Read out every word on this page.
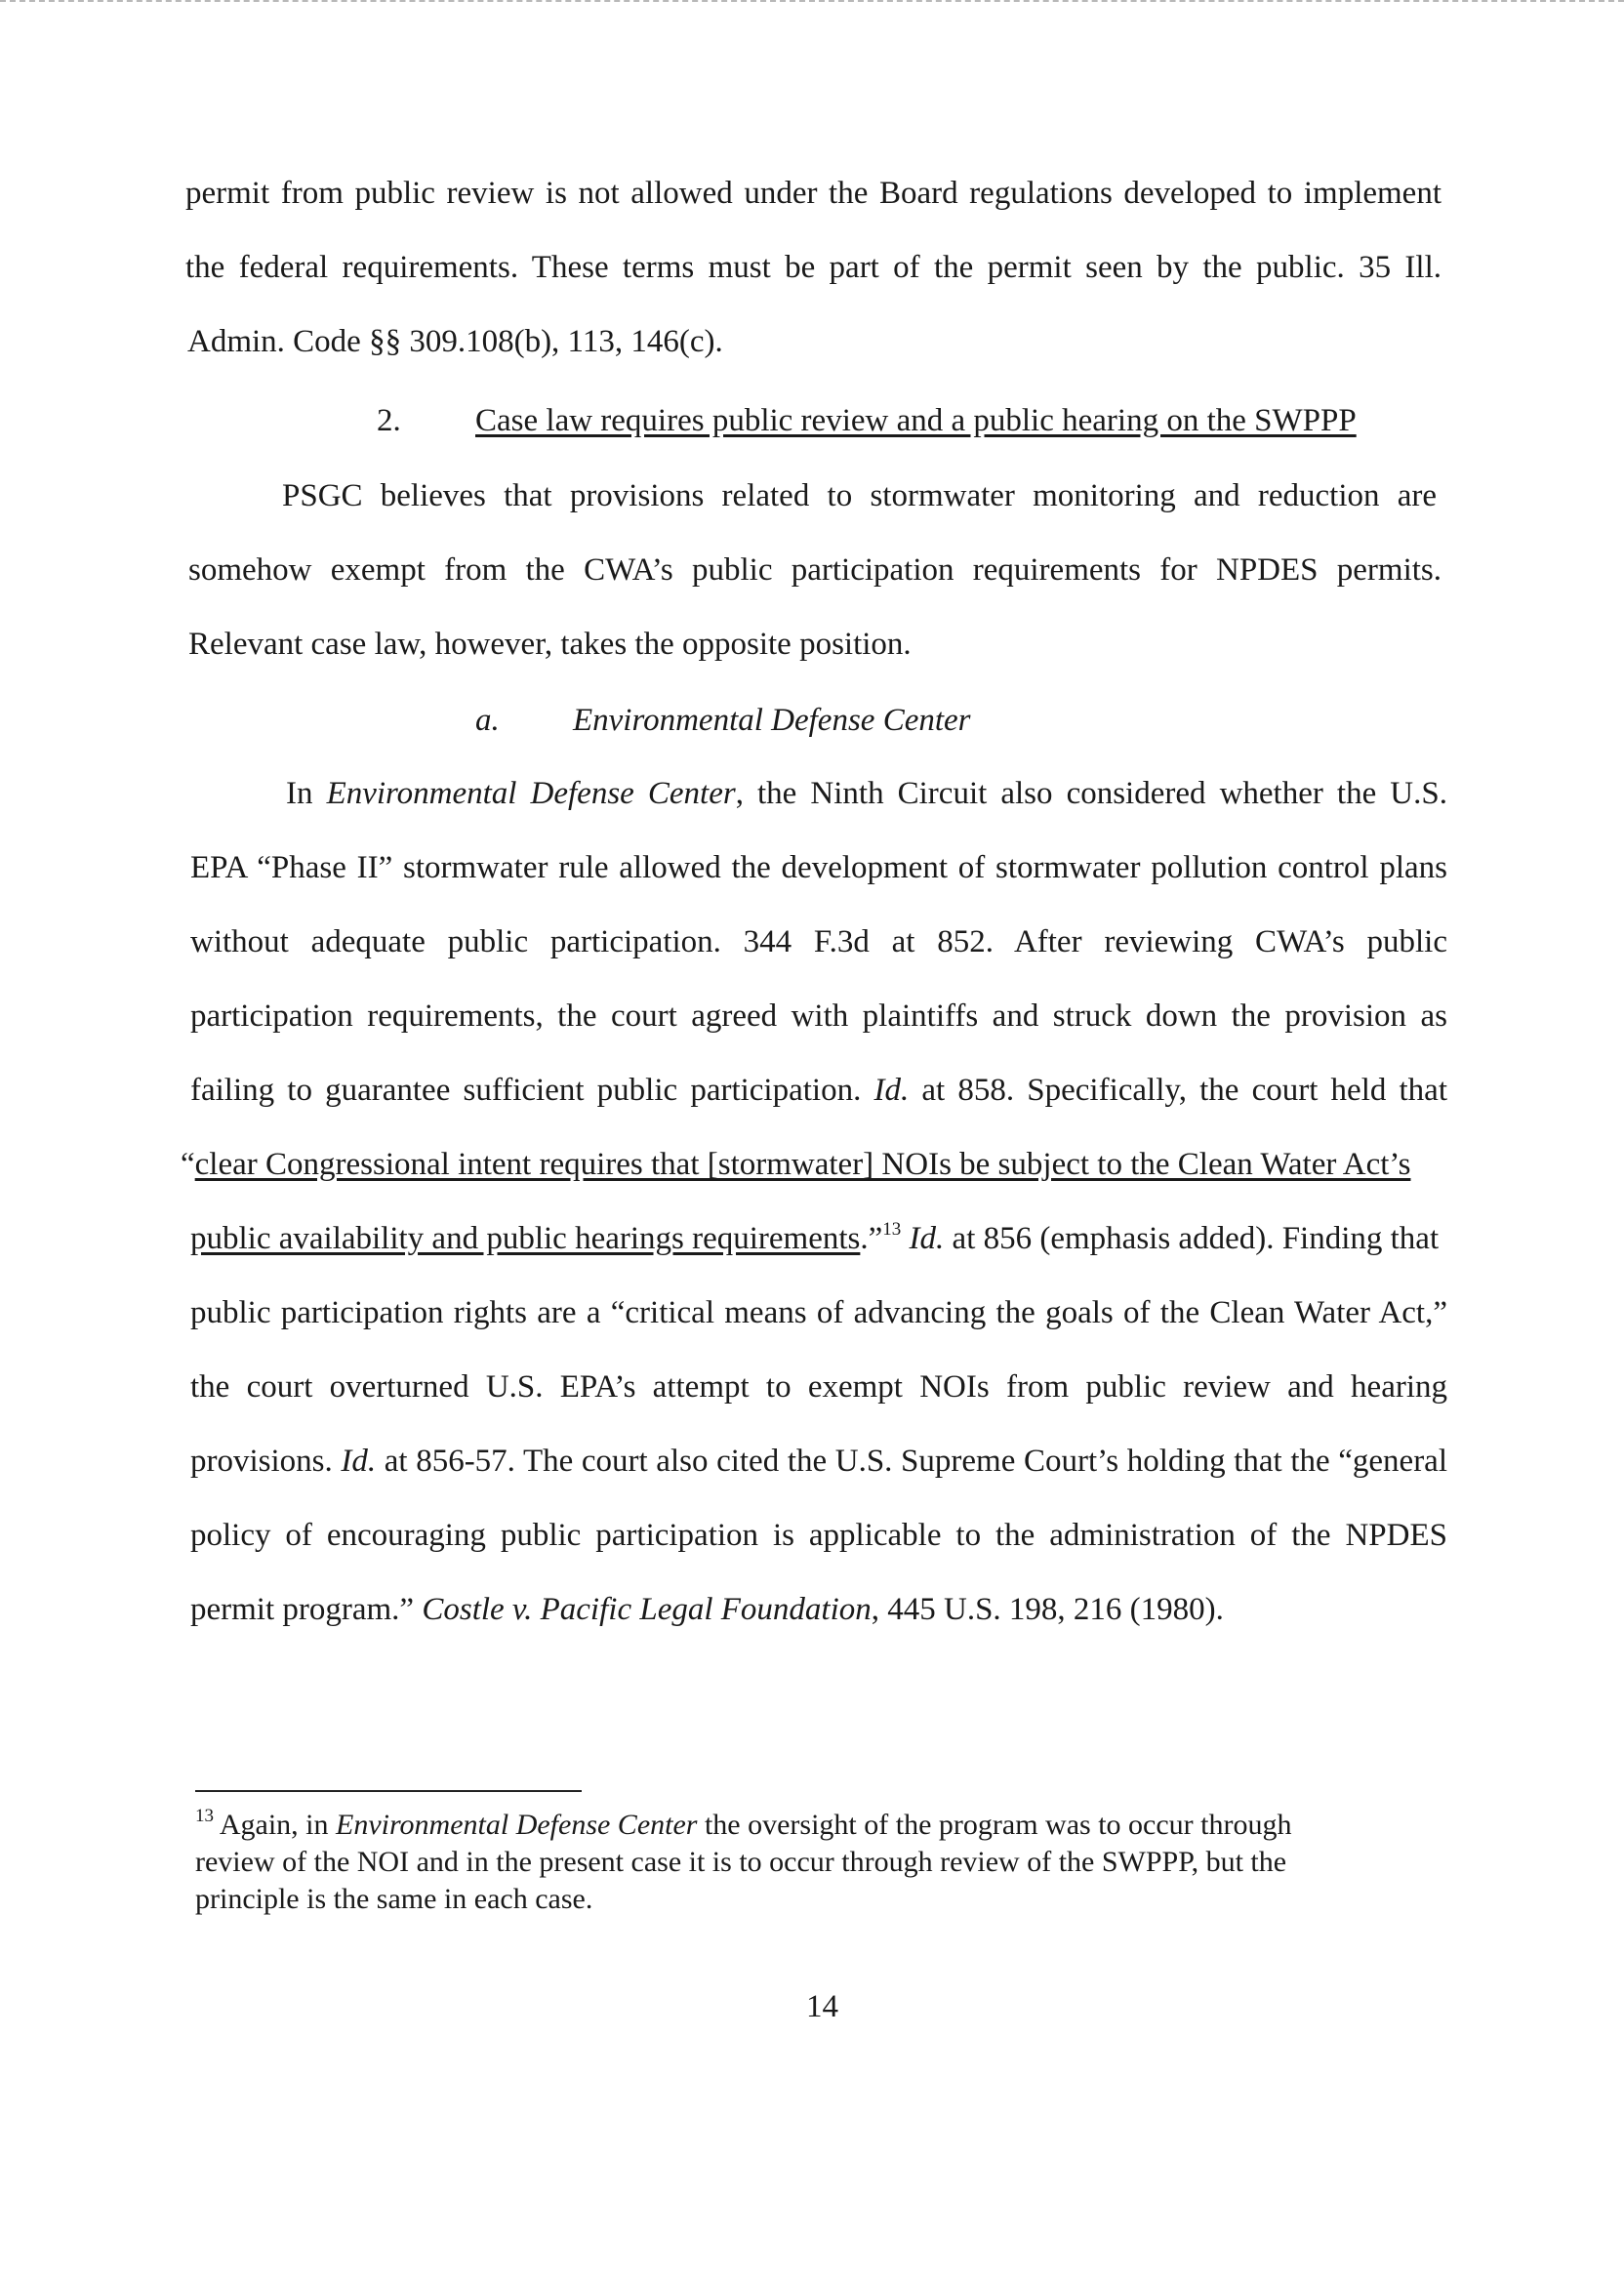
permit from public review is not allowed under the Board regulations developed to implement

the federal requirements. These terms must be part of the permit seen by the public. 35 Ill.

Admin. Code §§ 309.108(b), 113, 146(c).

2. Case law requires public review and a public hearing on the SWPPP

PSGC believes that provisions related to stormwater monitoring and reduction are

somehow exempt from the CWA’s public participation requirements for NPDES permits.

Relevant case law, however, takes the opposite position.

a. Environmental Defense Center

In Environmental Defense Center, the Ninth Circuit also considered whether the U.S.

EPA “Phase II” stormwater rule allowed the development of stormwater pollution control plans

without adequate public participation. 344 F.3d at 852. After reviewing CWA’s public

participation requirements, the court agreed with plaintiffs and struck down the provision as

failing to guarantee sufficient public participation. Id. at 858. Specifically, the court held that

“clear Congressional intent requires that [stormwater] NOIs be subject to the Clean Water Act’s

public availability and public hearings requirements.”$^{13}$ Id. at 856 (emphasis added). Finding that

public participation rights are a “critical means of advancing the goals of the Clean Water Act,”

the court overturned U.S. EPA’s attempt to exempt NOIs from public review and hearing

provisions. Id. at 856-57. The court also cited the U.S. Supreme Court’s holding that the “general

policy of encouraging public participation is applicable to the administration of the NPDES

permit program.” Costle v. Pacific Legal Foundation, 445 U.S. 198, 216 (1980).

$^{13}$ Again, in Environmental Defense Center the oversight of the program was to occur through

review of the NOI and in the present case it is to occur through review of the SWPPP, but the

principle is the same in each case.

14
